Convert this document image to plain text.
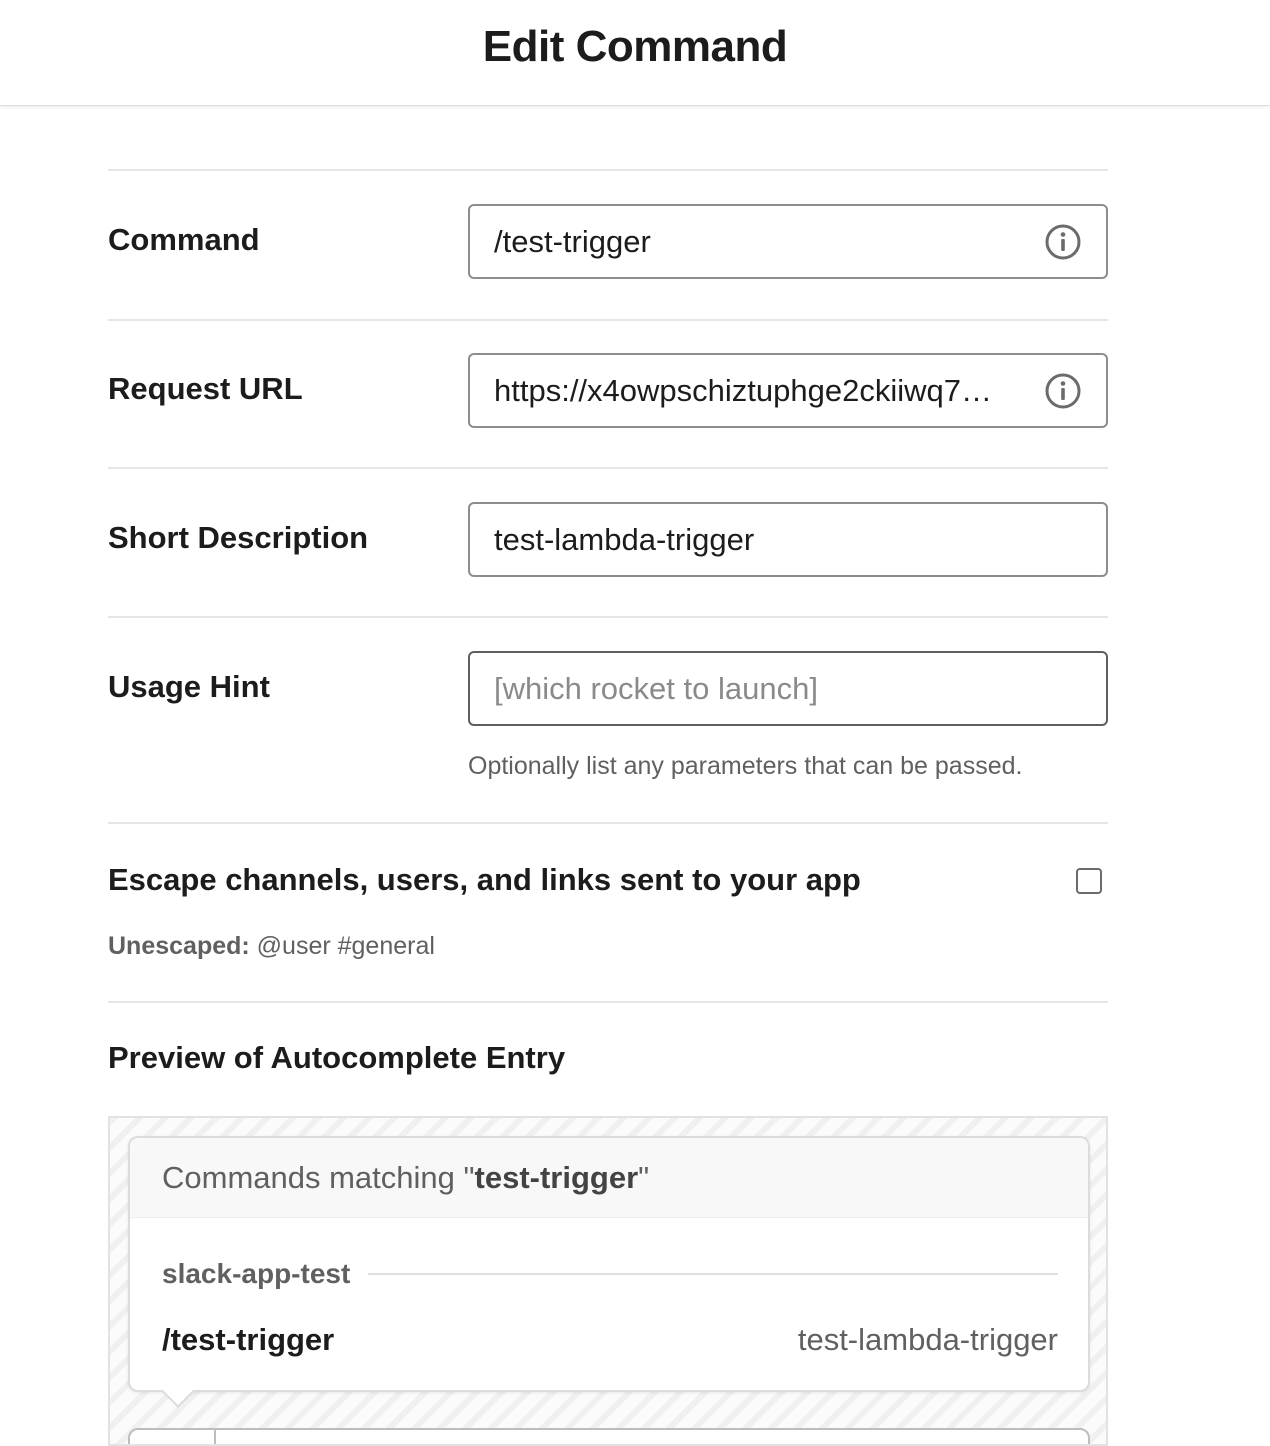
Edit Command
Command	/test-trigger
Request URL	https://x4owpschiztuphge2ckiiwq7…
Short Description	test-lambda-trigger
Usage Hint	[which rocket to launch]
Optionally list any parameters that can be passed.
Escape channels, users, and links sent to your app
Unescaped: @user #general
Preview of Autocomplete Entry
Commands matching " test-trigger "
slack-app-test
/test-trigger	test-lambda-trigger
